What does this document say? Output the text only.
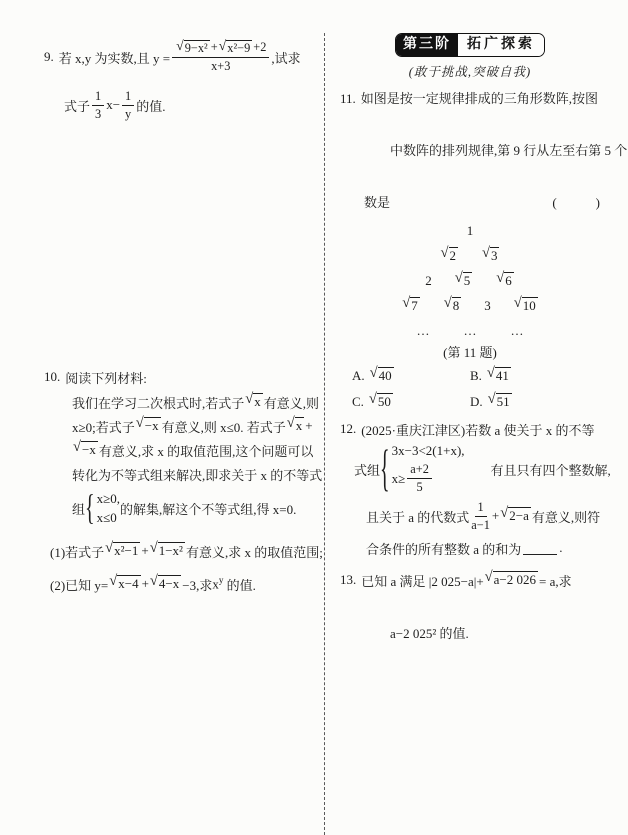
9. 若 x,y 为实数,且 $y = \frac{\text{√ 9−x² + √ x²−9 +2}}{x+3}$ ,试求
式子 $\frac{1}{3} x- \frac{1}{y}$ 的值.
10. 阅读下列材料:
我们在学习二次根式时,若式子 √ x 有意义,则
x≥0;若式子 √ −x 有意义,则 x≤0. 若式子 √ x +
√ −x 有意义,求 x 的取值范围,这个问题可以
转化为不等式组来解决,即求关于 x 的不等式
组 { x≥0,
x≤0
的解集,解这个不等式组,得 x=0.
(1)若式子 √ x²−1 + √ 1−x² 有意义,求 x 的取值范围;
(2)已知 y= √ x−4 + √ 4−x −3,求 $x^y$ 的值.
第三阶	拓广探索
(敢于挑战,突破自我)
11. 如图是按一定规律排成的三角形数阵,按图

中数阵的排列规律,第 9 行从左至右第 5 个

数是	(　　　)
1
√ 2 √ 3
2 √ 5 √ 6
√ 7 √ 8 3 √ 10
…	…	…
(第 11 题)
A. √ 40	B. √ 41
C. √ 50	D. √ 51
12. (2025·重庆江津区)若数 a 使关于 x 的不等
式组 { 3x−3<2(1+x),
$x\ge \frac{a+2}{5}$	有且只有四个整数解,
且关于 a 的代数式 $\frac{1}{a-1}$ + √ 2−a 有意义,则符
合条件的所有整数 a 的和为	.
13. 已知 a 满足 |2 025−a|+ √ a−2 026 = a,求

a−2 025² 的值.
